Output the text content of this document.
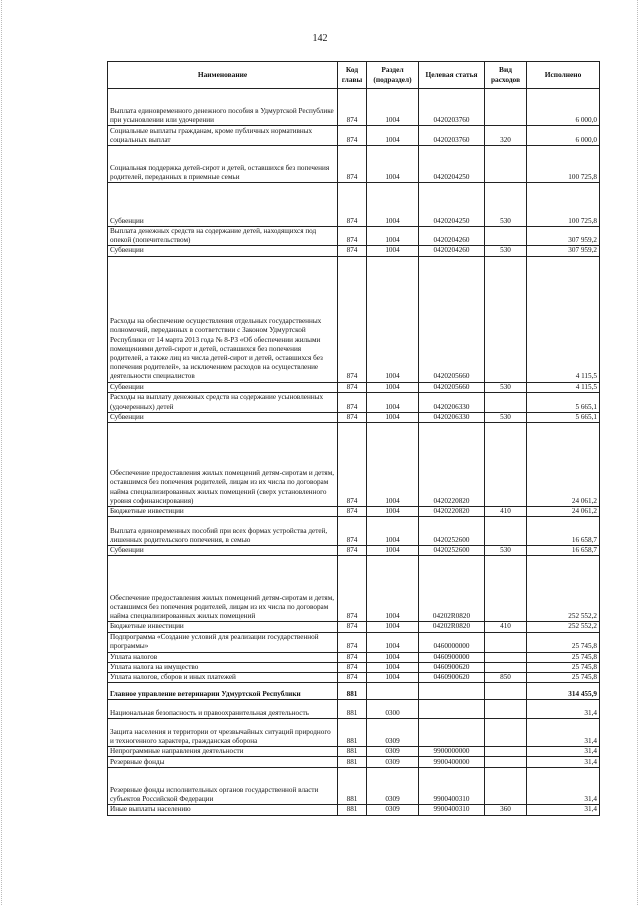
142
Наименование	Код главы	Раздел (подраздел)	Целевая статья	Вид расходов	Исполнено
Выплата единовременного денежного пособия в Удмуртской Республике при усыновлении или удочерении	874	1004	0420203760		6 000,0
Социальные выплаты гражданам, кроме публичных нормативных социальных выплат	874	1004	0420203760	320	6 000,0
Социальная поддержка детей-сирот и детей, оставшихся без попечения родителей, переданных в приемные семьи	874	1004	0420204250		100 725,8
Субвенции	874	1004	0420204250	530	100 725,8
Выплата денежных средств на содержание детей, находящихся под опекой (попечительством)	874	1004	0420204260		307 959,2
Субвенции	874	1004	0420204260	530	307 959,2
Расходы на обеспечение осуществления отдельных государственных полномочий, переданных в соответствии с Законом Удмуртской Республики от 14 марта 2013 года № 8-РЗ «Об обеспечении жилыми помещениями детей-сирот и детей, оставшихся без попечения родителей, а также лиц из числа детей-сирот и детей, оставшихся без попечения родителей», за исключением расходов на осуществление деятельности специалистов	874	1004	0420205660		4 115,5
Субвенции	874	1004	0420205660	530	4 115,5
Расходы на выплату денежных средств на содержание усыновленных (удочеренных) детей	874	1004	0420206330		5 665,1
Субвенции	874	1004	0420206330	530	5 665,1
Обеспечение предоставления жилых помещений детям-сиротам и детям, оставшимся без попечения родителей, лицам из их числа по договорам найма специализированных жилых помещений (сверх установленного уровня софинансирования)	874	1004	0420220820		24 061,2
Бюджетные инвестиции	874	1004	0420220820	410	24 061,2
Выплата единовременных пособий при всех формах устройства детей, лишенных родительского попечения, в семью	874	1004	0420252600		16 658,7
Субвенции	874	1004	0420252600	530	16 658,7
Обеспечение предоставления жилых помещений детям-сиротам и детям, оставшимся без попечения родителей, лицам из их числа по договорам найма специализированных жилых помещений	874	1004	04202R0820		252 552,2
Бюджетные инвестиции	874	1004	04202R0820	410	252 552,2
Подпрограмма «Создание условий для реализации государственной программы»	874	1004	0460000000		25 745,8
Уплата налогов	874	1004	0460900000		25 745,8
Уплата налога на имущество	874	1004	0460900620		25 745,8
Уплата налогов, сборов и иных платежей	874	1004	0460900620	850	25 745,8
Главное управление ветеринарии Удмуртской Республики	881				314 455,9
Национальная безопасность и правоохранительная деятельность	881	0300			31,4
Защита населения и территории от чрезвычайных ситуаций природного и техногенного характера, гражданская оборона	881	0309			31,4
Непрограммные направления деятельности	881	0309	9900000000		31,4
Резервные фонды	881	0309	9900400000		31,4
Резервные фонды исполнительных органов государственной власти субъектов Российской Федерации	881	0309	9900400310		31,4
Иные выплаты населению	881	0309	9900400310	360	31,4
